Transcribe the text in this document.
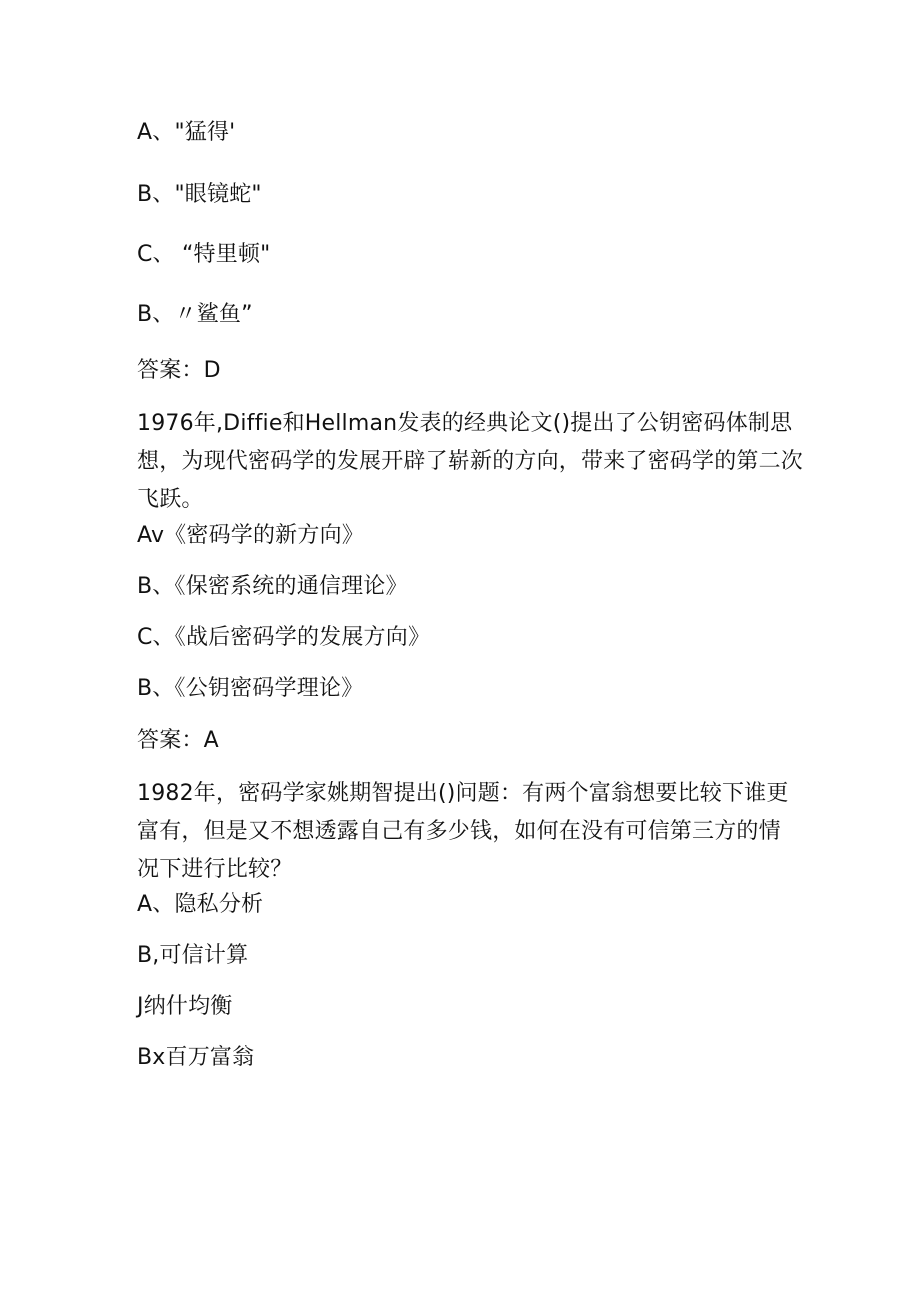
A、"猛得'
B、"眼镜蛇"
C、 “特里顿"
B、〃鲨鱼”
答案：D
1976年,Diffie和Hellman发表的经典论文()提出了公钥密码体制思
想，为现代密码学的发展开辟了崭新的方向，带来了密码学的第二次
飞跃。
Av《密码学的新方向》
B、《保密系统的通信理论》
C、《战后密码学的发展方向》
B、《公钥密码学理论》
答案：A
1982年，密码学家姚期智提出()问题：有两个富翁想要比较下谁更
富有，但是又不想透露自己有多少钱，如何在没有可信第三方的情
况下进行比较？
A、隐私分析
B,可信计算
J纳什均衡
Bx百万富翁
